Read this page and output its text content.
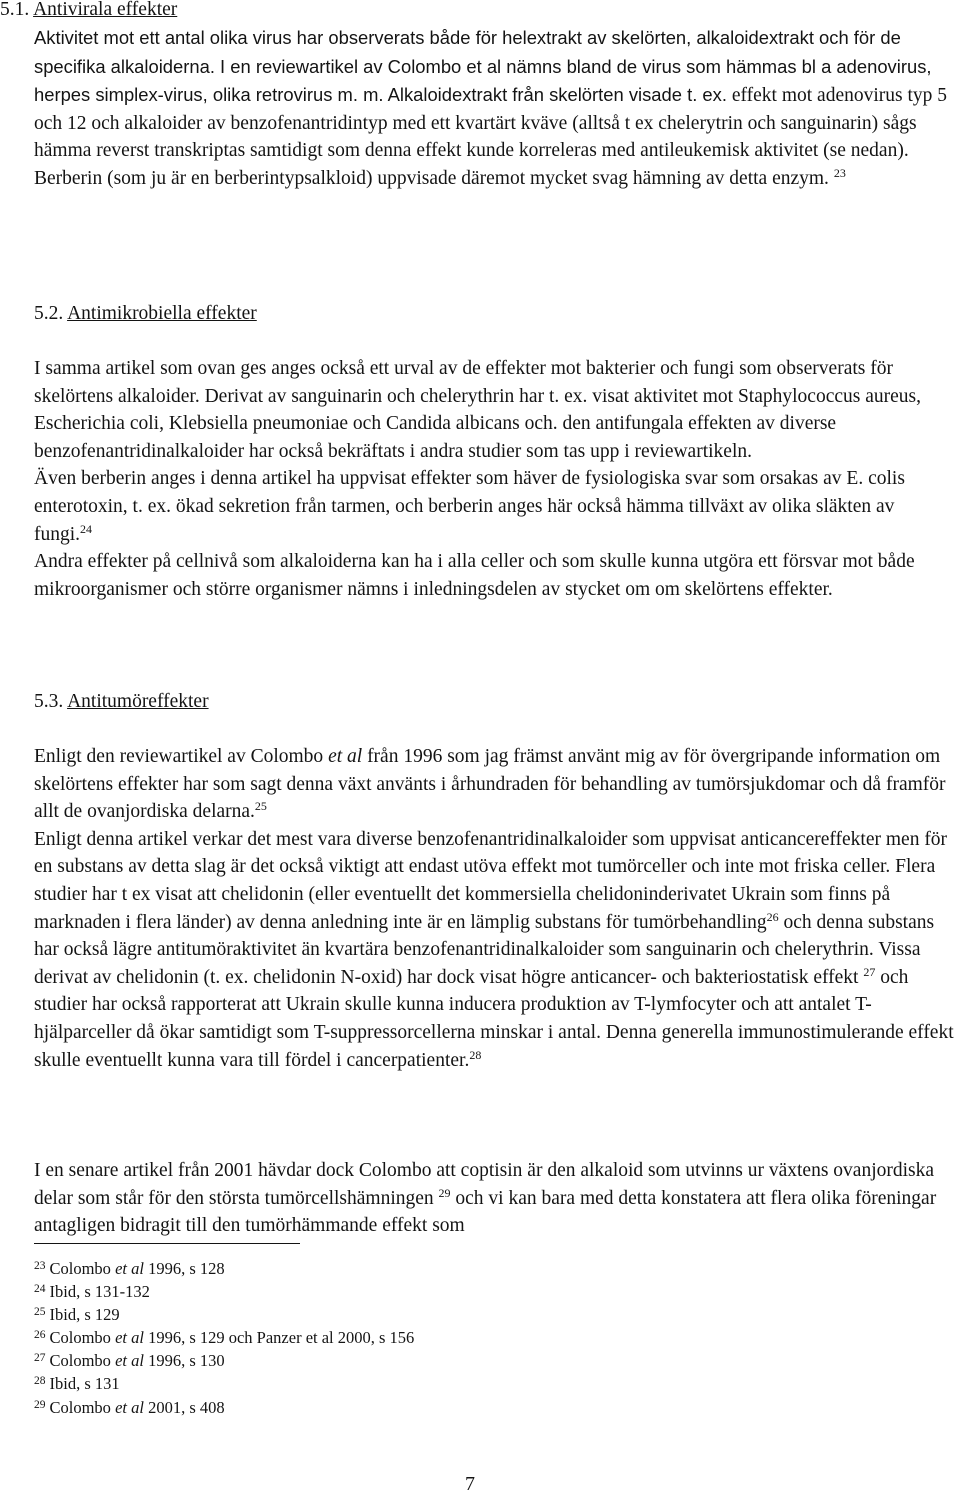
5.1. Antivirala effekter

Aktivitet mot ett antal olika virus har observerats både för helextrakt av skelörten, alkaloidextrakt och för de specifika alkaloiderna. I en reviewartikel av Colombo et al nämns bland de virus som hämmas bl a adenovirus, herpes simplex-virus, olika retrovirus m. m. Alkaloidextrakt från skelörten visade t. ex. effekt mot adenovirus typ 5 och 12 och alkaloider av benzofenantridintyp med ett kvartärt kväve (alltså t ex chelerytrin och sanguinarin) sågs hämma reverst transkriptas samtidigt som denna effekt kunde korreleras med antileukemisk aktivitet (se nedan). Berberin (som ju är en berberintypsalkloid) uppvisade däremot mycket svag hämning av detta enzym. $^{23}$

5.2. Antimikrobiella effekter

I samma artikel som ovan ges anges också ett urval av de effekter mot bakterier och fungi som observerats för skelörtens alkaloider. Derivat av sanguinarin och chelerythrin har t. ex. visat aktivitet mot Staphylococcus aureus, Escherichia coli, Klebsiella pneumoniae och Candida albicans och. den antifungala effekten av diverse benzofenantridinalkaloider har också bekräftats i andra studier som tas upp i reviewartikeln.

Även berberin anges i denna artikel ha uppvisat effekter som häver de fysiologiska svar som orsakas av E. colis enterotoxin, t. ex. ökad sekretion från tarmen, och berberin anges här också hämma tillväxt av olika släkten av fungi.$^{24}$

Andra effekter på cellnivå som alkaloiderna kan ha i alla celler och som skulle kunna utgöra ett försvar mot både mikroorganismer och större organismer nämns i inledningsdelen av stycket om om skelörtens effekter.

5.3. Antitumöreffekter

Enligt den reviewartikel av Colombo et al från 1996 som jag främst använt mig av för övergripande information om skelörtens effekter har som sagt denna växt använts i århundraden för behandling av tumörsjukdomar och då framför allt de ovanjordiska delarna.$^{25}$

Enligt denna artikel verkar det mest vara diverse benzofenantridinalkaloider som uppvisat anticancereffekter men för en substans av detta slag är det också viktigt att endast utöva effekt mot tumörceller och inte mot friska celler. Flera studier har t ex visat att chelidonin (eller eventuellt det kommersiella chelidoninderivatet Ukrain som finns på marknaden i flera länder) av denna anledning inte är en lämplig substans för tumörbehandling$^{26}$ och denna substans har också lägre antitumöraktivitet än kvartära benzofenantridinalkaloider som sanguinarin och chelerythrin. Vissa derivat av chelidonin (t. ex. chelidonin N-oxid) har dock visat högre anticancer- och bakteriostatisk effekt $^{27}$ och studier har också rapporterat att Ukrain skulle kunna inducera produktion av T-lymfocyter och att antalet T-hjälparceller då ökar samtidigt som T-suppressorcellerna minskar i antal. Denna generella immunostimulerande effekt skulle eventuellt kunna vara till fördel i cancerpatienter.$^{28}$

I en senare artikel från 2001 hävdar dock Colombo att coptisin är den alkaloid som utvinns ur växtens ovanjordiska delar som står för den största tumörcellshämningen $^{29}$ och vi kan bara med detta konstatera att flera olika föreningar antagligen bidragit till den tumörhämmande effekt som

$^{23}$ Colombo et al 1996, s 128
$^{24}$ Ibid, s 131-132
$^{25}$ Ibid, s 129
$^{26}$ Colombo et al 1996, s 129 och Panzer et al 2000, s 156
$^{27}$ Colombo et al 1996, s 130
$^{28}$ Ibid, s 131
$^{29}$ Colombo et al 2001, s 408
7
